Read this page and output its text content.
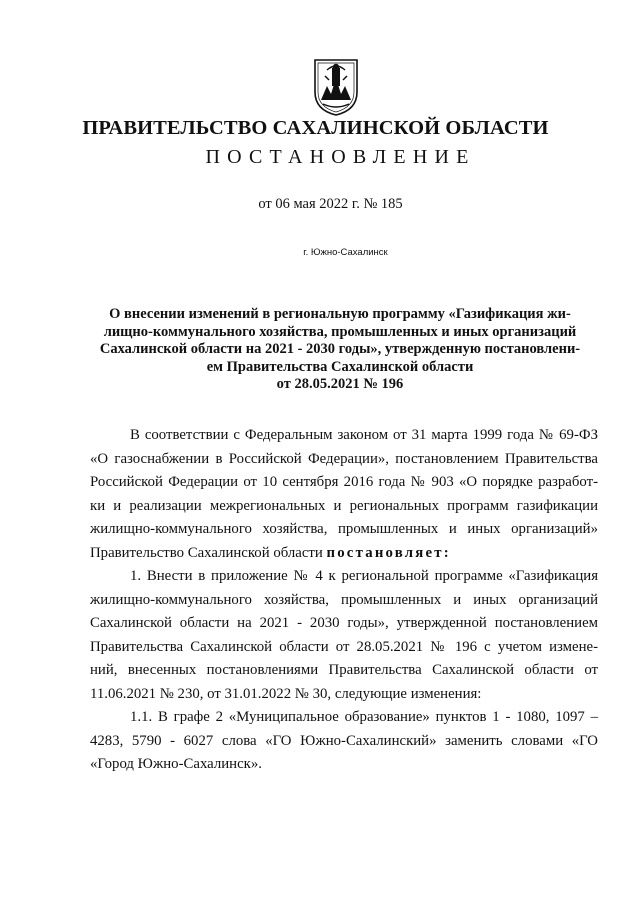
ПРАВИТЕЛЬСТВО САХАЛИНСКОЙ ОБЛАСТИ
ПОСТАНОВЛЕНИЕ
от 06 мая 2022 г. № 185
г. Южно-Сахалинск
О внесении изменений в региональную программу «Газификация жи-
лищно-коммунального хозяйства, промышленных и иных организаций
Сахалинской области на 2021 - 2030 годы», утвержденную постановлени-
ем Правительства Сахалинской области
от 28.05.2021 № 196
В соответствии с Федеральным законом от 31 марта 1999 года № 69-ФЗ
«О газоснабжении в Российской Федерации», постановлением Правительства
Российской Федерации от 10 сентября 2016 года № 903 «О порядке разработ-
ки и реализации межрегиональных и региональных программ газификации
жилищно-коммунального хозяйства, промышленных и иных организаций»
Правительство Сахалинской области постановляет:
1. Внести в приложение № 4 к региональной программе «Газификация
жилищно-коммунального хозяйства, промышленных и иных организаций
Сахалинской области на 2021 - 2030 годы», утвержденной постановлением
Правительства Сахалинской области от 28.05.2021 № 196 с учетом измене-
ний, внесенных постановлениями Правительства Сахалинской области от
11.06.2021 № 230, от 31.01.2022 № 30, следующие изменения:
1.1. В графе 2 «Муниципальное образование» пунктов 1 - 1080, 1097 –
4283, 5790 - 6027 слова «ГО Южно-Сахалинский» заменить словами «ГО
«Город Южно-Сахалинск».
